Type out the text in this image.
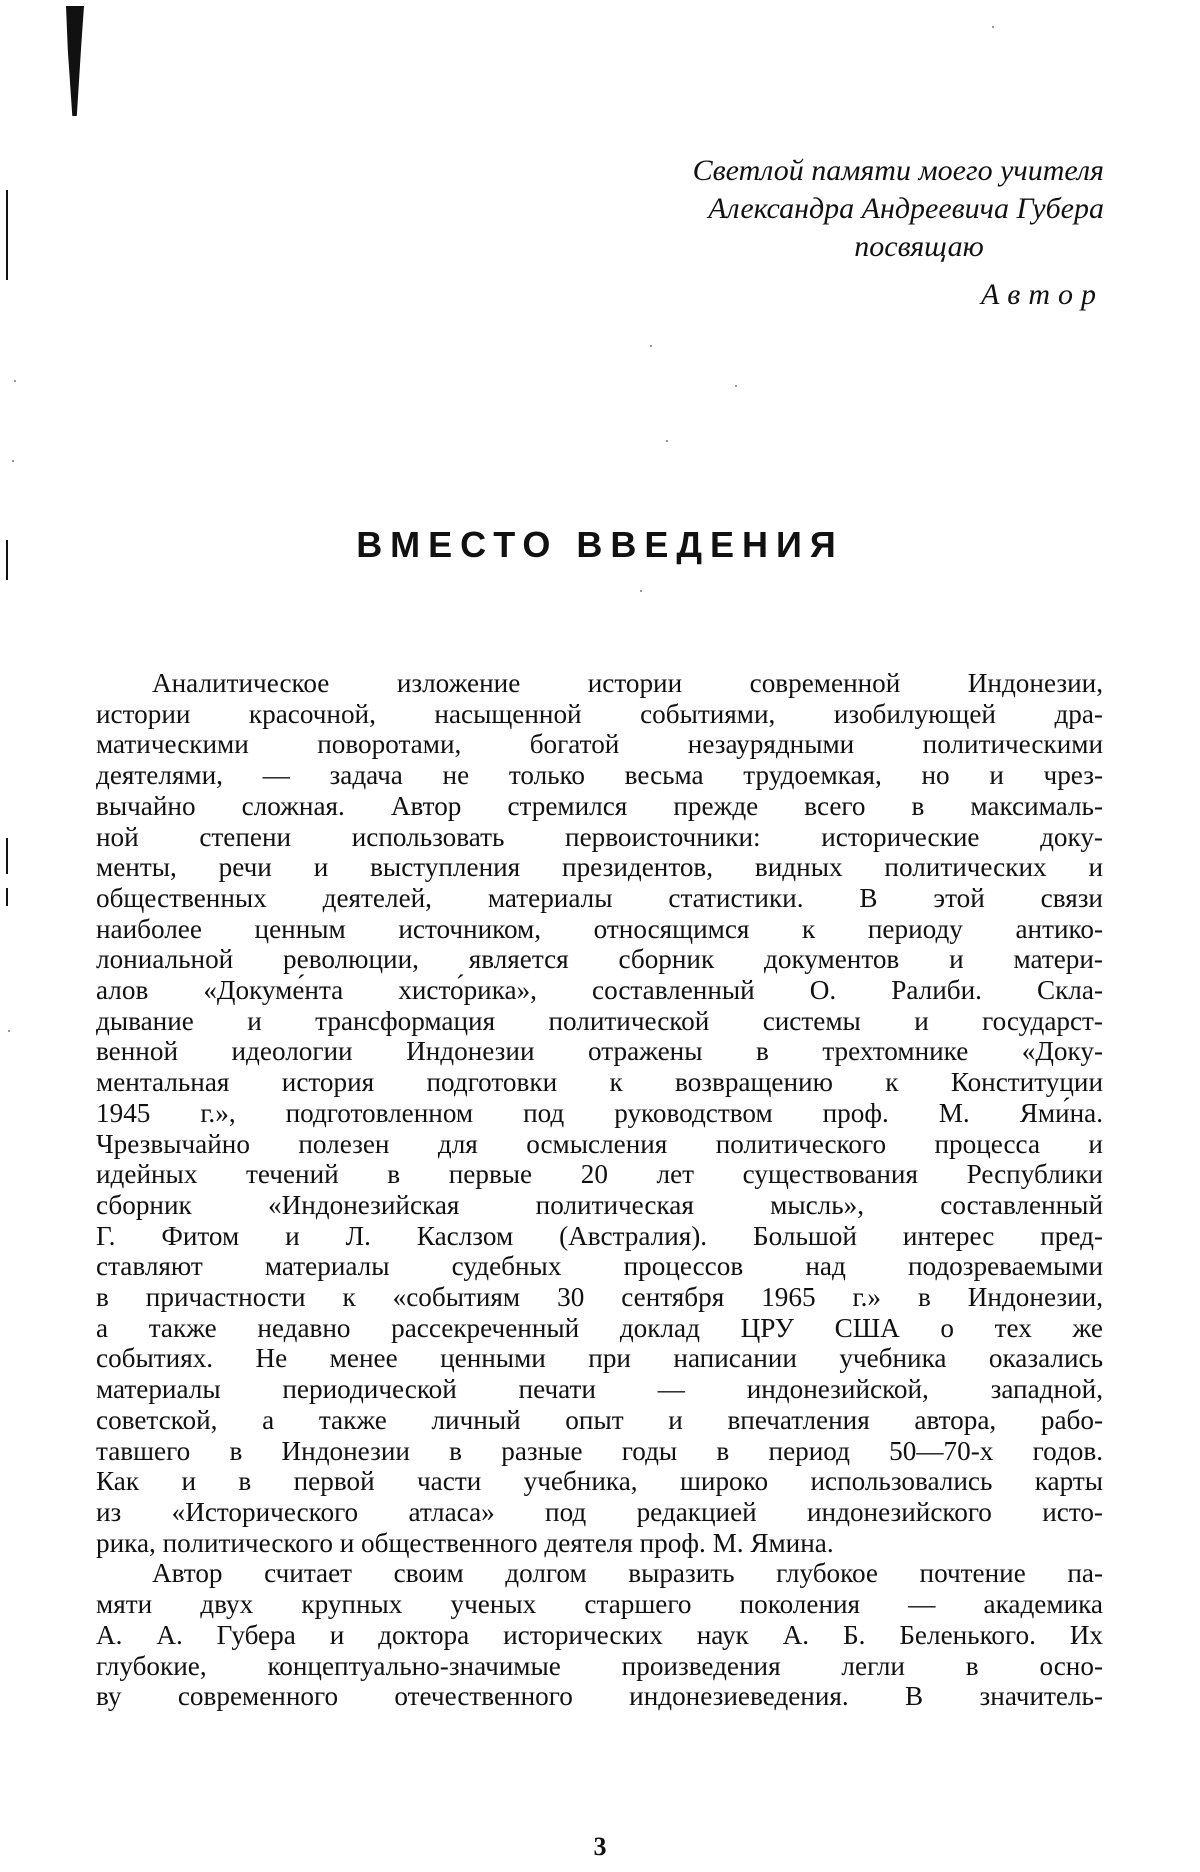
Светлой памяти моего учителя
Александра Андреевича Губера
посвящаю
Автор
ВМЕСТО ВВЕДЕНИЯ
Аналитическое изложение истории современной Индонезии,
истории красочной, насыщенной событиями, изобилующей дра-
матическими поворотами, богатой незаурядными политическими
деятелями, — задача не только весьма трудоемкая, но и чрез-
вычайно сложная. Автор стремился прежде всего в максималь-
ной степени использовать первоисточники: исторические доку-
менты, речи и выступления президентов, видных политических и
общественных деятелей, материалы статистики. В этой связи
наиболее ценным источником, относящимся к периоду антико-
лониальной революции, является сборник документов и матери-
алов «Докуме́нта хисто́рика», составленный О. Ралиби. Скла-
дывание и трансформация политической системы и государст-
венной идеологии Индонезии отражены в трехтомнике «Доку-
ментальная история подготовки к возвращению к Конституции
1945 г.», подготовленном под руководством проф. М. Ями́на.
Чрезвычайно полезен для осмысления политического процесса и
идейных течений в первые 20 лет существования Республики
сборник «Индонезийская политическая мысль», составленный
Г. Фитом и Л. Каслзом (Австралия). Большой интерес пред-
ставляют материалы судебных процессов над подозреваемыми
в причастности к «событиям 30 сентября 1965 г.» в Индонезии,
а также недавно рассекреченный доклад ЦРУ США о тех же
событиях. Не менее ценными при написании учебника оказались
материалы периодической печати — индонезийской, западной,
советской, а также личный опыт и впечатления автора, рабо-
тавшего в Индонезии в разные годы в период 50—70-х годов.
Как и в первой части учебника, широко использовались карты
из «Исторического атласа» под редакцией индонезийского исто-
рика, политического и общественного деятеля проф. М. Ямина.
Автор считает своим долгом выразить глубокое почтение па-
мяти двух крупных ученых старшего поколения — академика
А. А. Губера и доктора исторических наук А. Б. Беленького. Их
глубокие, концептуально-значимые произведения легли в осно-
ву современного отечественного индонезиеведения. В значитель-
3
